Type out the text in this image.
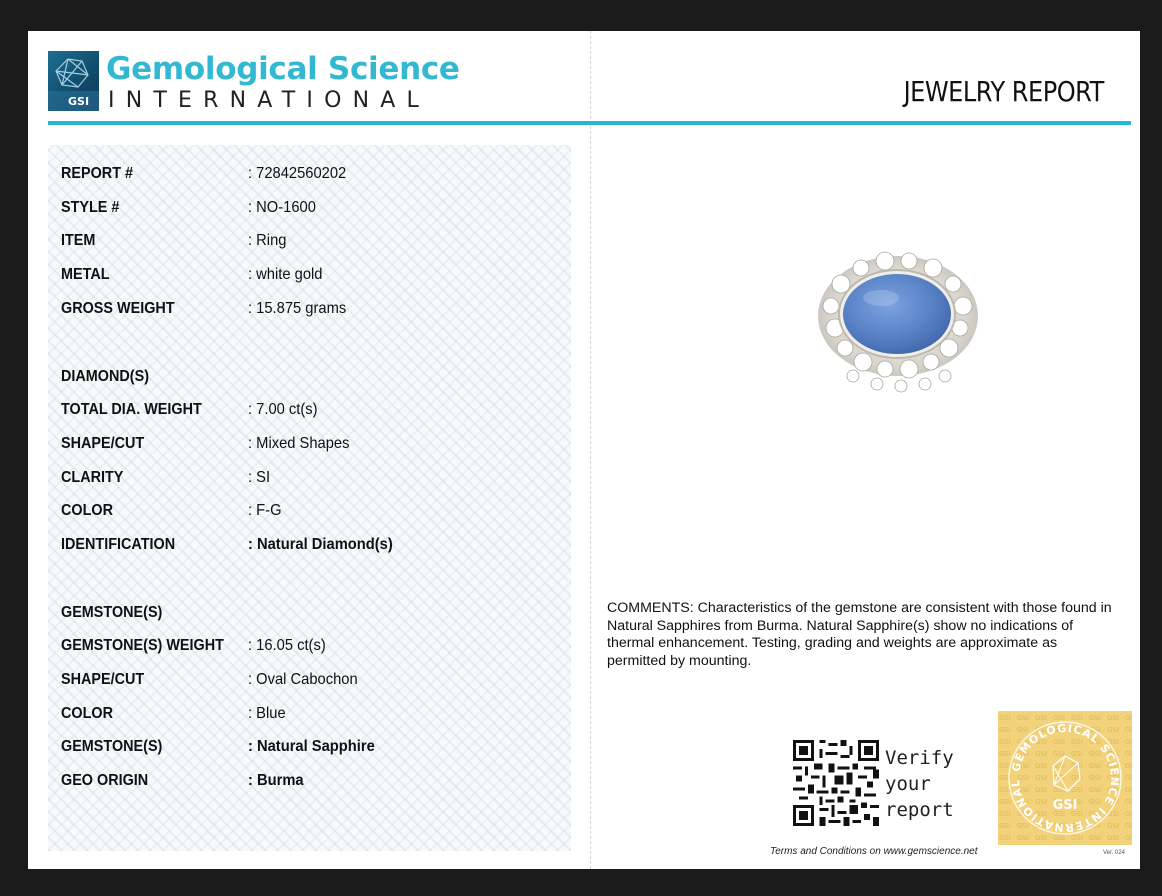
GSI
Gemological Science
INTERNATIONAL	JEWELRY REPORT
REPORT #	: 72842560202
STYLE #	: NO-1600
ITEM	: Ring
METAL	: white gold
GROSS WEIGHT	: 15.875 grams
DIAMOND(S)
TOTAL DIA. WEIGHT	: 7.00 ct(s)
SHAPE/CUT	: Mixed Shapes
CLARITY	: SI
COLOR	: F-G
IDENTIFICATION	: Natural Diamond(s)
GEMSTONE(S)
GEMSTONE(S) WEIGHT : 16.05 ct(s)
SHAPE/CUT	: Oval Cabochon
COLOR	: Blue
GEMSTONE(S)	: Natural Sapphire
GEO ORIGIN	: Burma
COMMENTS: Characteristics of the gemstone are consistent with those found in Natural Sapphires from Burma. Natural Sapphire(s) show no indications of thermal enhancement. Testing, grading and weights are approximate as permitted by mounting.
Verify
your
report
GEMOLOGICAL SCIENCE INTERNATIONAL
GSI
Terms and Conditions on www.gemscience.net	Ver. 024
